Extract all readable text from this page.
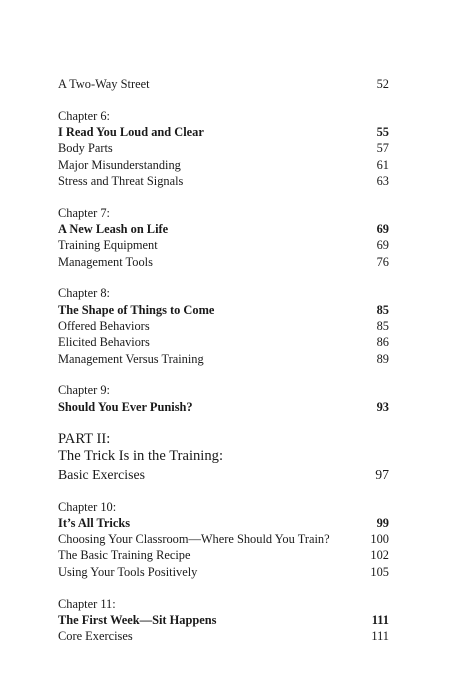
A Two-Way Street	52
Chapter 6:
I Read You Loud and Clear	55
Body Parts	57
Major Misunderstanding	61
Stress and Threat Signals	63
Chapter 7:
A New Leash on Life	69
Training Equipment	69
Management Tools	76
Chapter 8:
The Shape of Things to Come	85
Offered Behaviors	85
Elicited Behaviors	86
Management Versus Training	89
Chapter 9:
Should You Ever Punish?	93
PART II:
The Trick Is in the Training:
Basic Exercises	97
Chapter 10:
It’s All Tricks	99
Choosing Your Classroom—Where Should You Train?	100
The Basic Training Recipe	102
Using Your Tools Positively	105
Chapter 11:
The First Week—Sit Happens	111
Core Exercises	111
